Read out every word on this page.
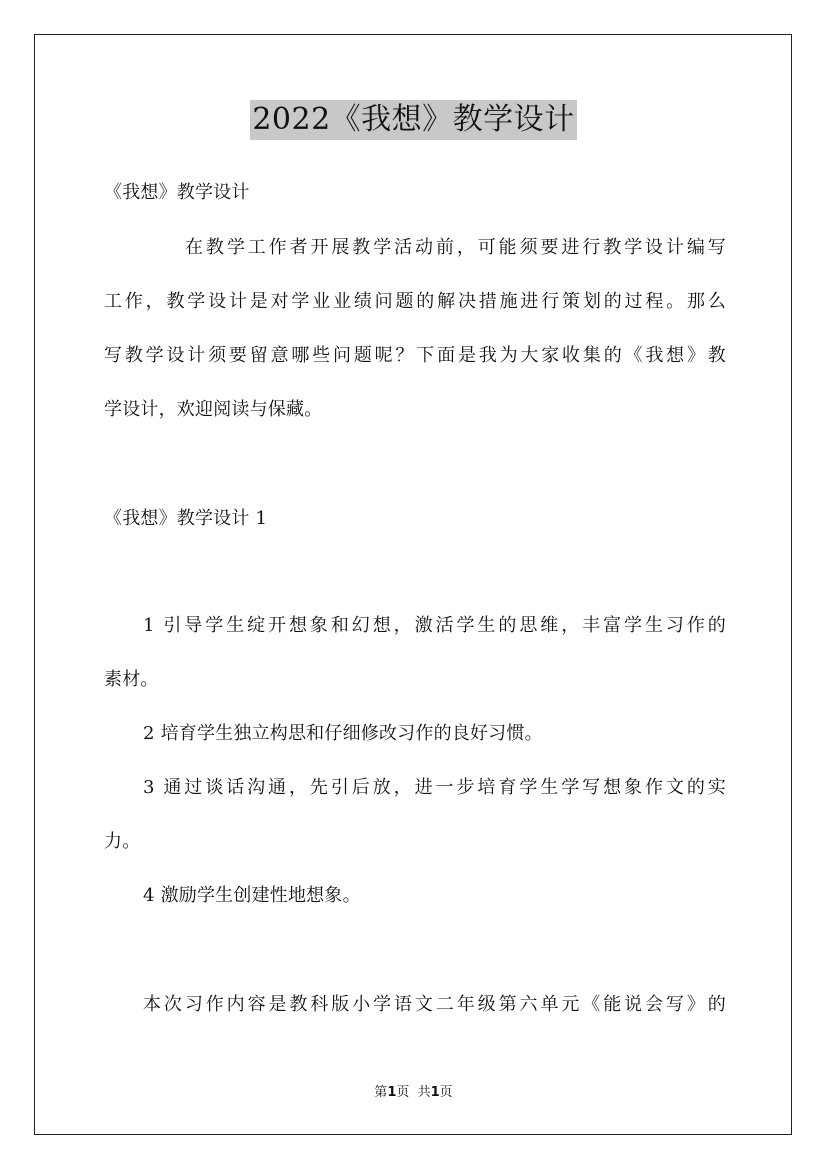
2022《我想》教学设计
《我想》教学设计
在教学工作者开展教学活动前，可能须要进行教学设计编写
工作，教学设计是对学业业绩问题的解决措施进行策划的过程。那么
写教学设计须要留意哪些问题呢？下面是我为大家收集的《我想》教
学设计，欢迎阅读与保藏。
《我想》教学设计 1
1 引导学生绽开想象和幻想，激活学生的思维，丰富学生习作的
素材。
2 培育学生独立构思和仔细修改习作的良好习惯。
3 通过谈话沟通，先引后放，进一步培育学生学写想象作文的实
力。
4 激励学生创建性地想象。
本次习作内容是教科版小学语文二年级第六单元《能说会写》的
第1页  共1页
